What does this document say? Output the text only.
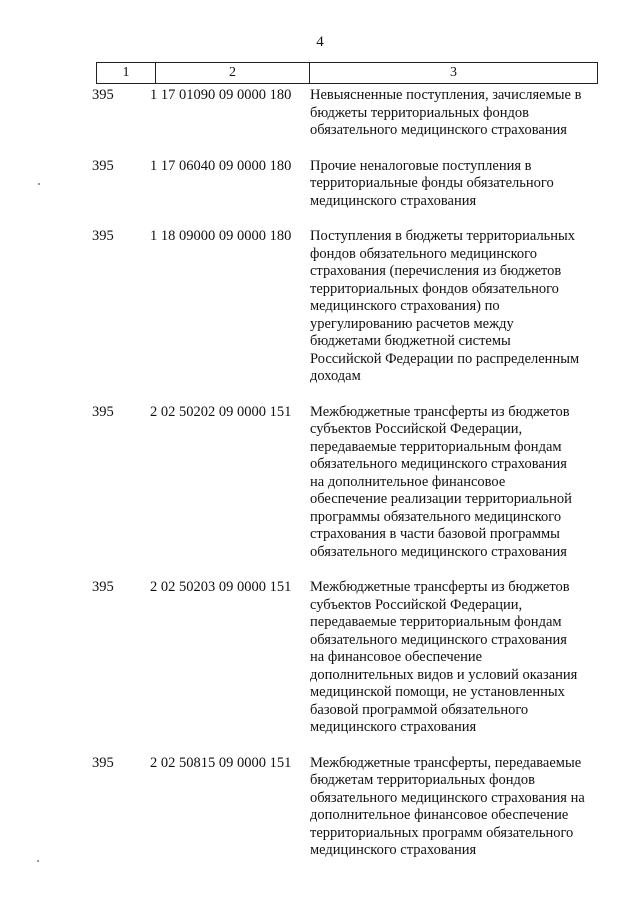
4
1	2	3
395	1 17 01090 09 0000 180	Невыясненные поступления, зачисляемые в
бюджеты территориальных фондов
обязательного медицинского страхования
395	1 17 06040 09 0000 180	Прочие неналоговые поступления в
территориальные фонды обязательного
медицинского страхования
395	1 18 09000 09 0000 180	Поступления в бюджеты территориальных
фондов обязательного медицинского
страхования (перечисления из бюджетов
территориальных фондов обязательного
медицинского страхования) по
урегулированию расчетов между
бюджетами бюджетной системы
Российской Федерации по распределенным
доходам
395	2 02 50202 09 0000 151	Межбюджетные трансферты из бюджетов
субъектов Российской Федерации,
передаваемые территориальным фондам
обязательного медицинского страхования
на дополнительное финансовое
обеспечение реализации территориальной
программы обязательного медицинского
страхования в части базовой программы
обязательного медицинского страхования
395	2 02 50203 09 0000 151	Межбюджетные трансферты из бюджетов
субъектов Российской Федерации,
передаваемые территориальным фондам
обязательного медицинского страхования
на финансовое обеспечение
дополнительных видов и условий оказания
медицинской помощи, не установленных
базовой программой обязательного
медицинского страхования
395	2 02 50815 09 0000 151	Межбюджетные трансферты, передаваемые
бюджетам территориальных фондов
обязательного медицинского страхования на
дополнительное финансовое обеспечение
территориальных программ обязательного
медицинского страхования
